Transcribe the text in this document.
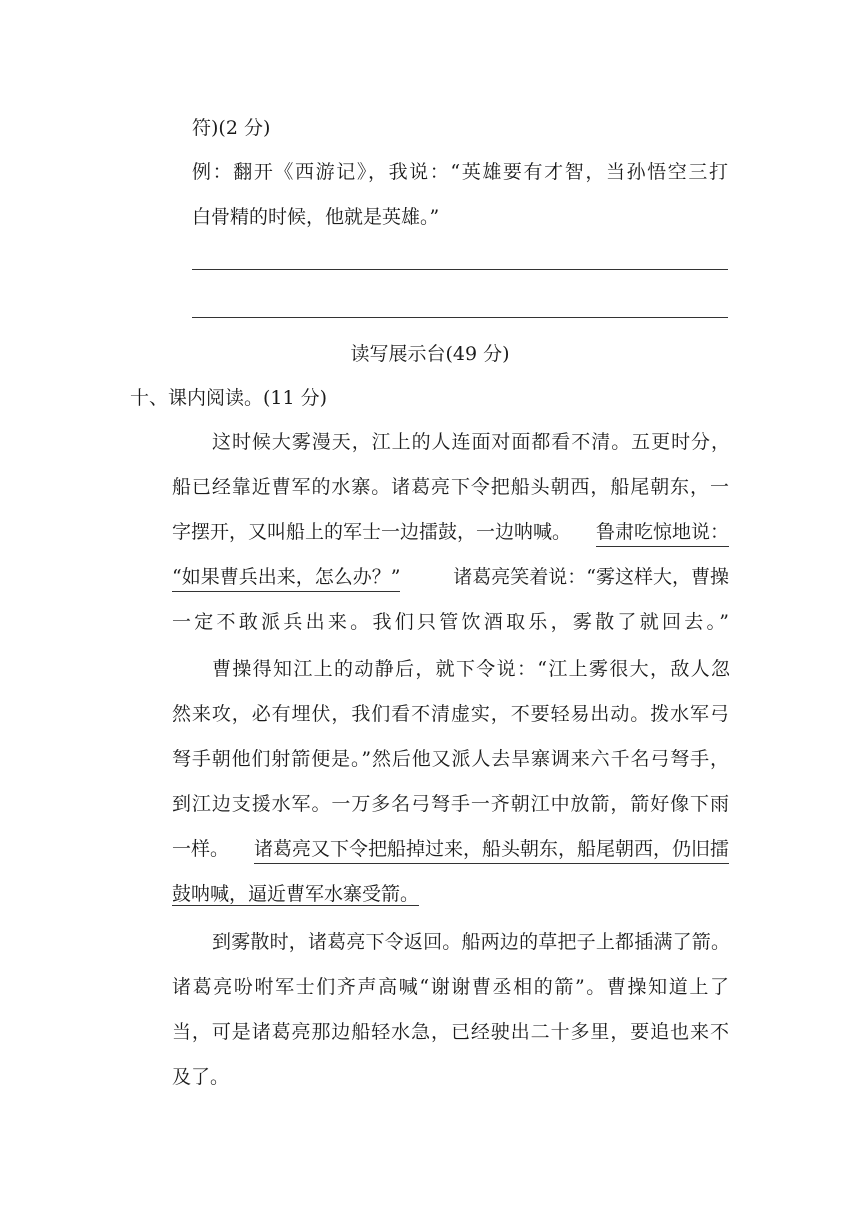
符)(2 分)
例：翻开《西游记》，我说：“英雄要有才智，当孙悟空三打
白骨精的时候，他就是英雄。”
读写展示台(49 分)
十、课内阅读。(11 分)
这时候大雾漫天，江上的人连面对面都看不清。五更时分，
船已经靠近曹军的水寨。诸葛亮下令把船头朝西，船尾朝东，一
字摆开，又叫船上的军士一边擂鼓，一边呐喊。 鲁肃吃惊地说：
“如果曹兵出来，怎么办？”	诸葛亮笑着说：“雾这样大，曹操
一定不敢派兵出来。我们只管饮酒取乐，雾散了就回去。”
曹操得知江上的动静后，就下令说：“江上雾很大，敌人忽
然来攻，必有埋伏，我们看不清虚实，不要轻易出动。拨水军弓
弩手朝他们射箭便是。”然后他又派人去旱寨调来六千名弓弩手，
到江边支援水军。一万多名弓弩手一齐朝江中放箭，箭好像下雨
一样。 诸葛亮又下令把船掉过来，船头朝东，船尾朝西，仍旧擂
鼓呐喊，逼近曹军水寨受箭。
到雾散时，诸葛亮下令返回。船两边的草把子上都插满了箭。
诸葛亮吩咐军士们齐声高喊“谢谢曹丞相的箭”。曹操知道上了
当，可是诸葛亮那边船轻水急，已经驶出二十多里，要追也来不
及了。
